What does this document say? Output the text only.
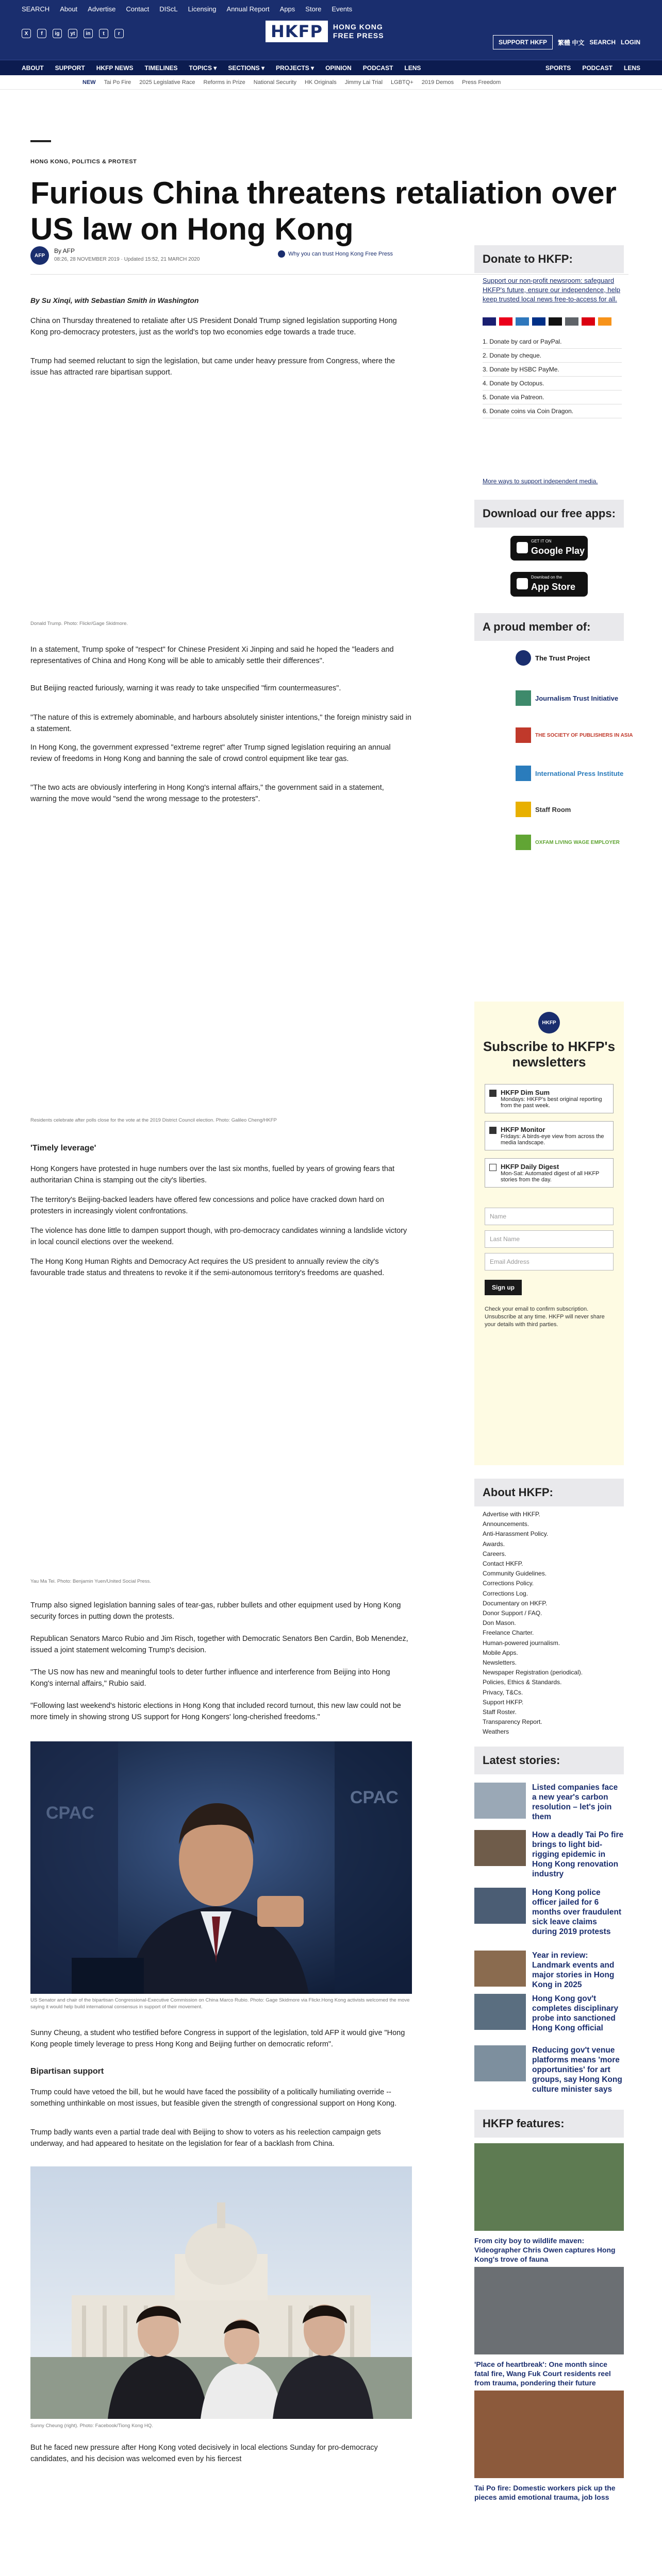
SEARCH About Advertise Contact DIScL Licensing Annual Report Apps Store Events
X	f	ig	yt	in	t	r	HKFP	HONG KONG
FREE PRESS
SUPPORT HKFP	繁體 中文 SEARCH LOGIN
ABOUT SUPPORT HKFP NEWS TIMELINES TOPICS ▾ SECTIONS ▾ PROJECTS ▾ OPINION PODCAST LENS	SPORTS PODCAST LENS
NEW Tai Po Fire 2025 Legislative Race Reforms in Prize National Security HK Originals Jimmy Lai Trial LGBTQ+ 2019 Demos Press Freedom
HONG KONG, POLITICS & PROTEST
Furious China threatens retaliation over US law on Hong Kong
AFP
By AFP
08:26, 28 NOVEMBER 2019 · Updated 15:52, 21 MARCH 2020
Why you can trust Hong Kong Free Press
By Su Xinqi, with Sebastian Smith in Washington

China on Thursday threatened to retaliate after US President Donald Trump signed legislation supporting Hong Kong pro-democracy protesters, just as the world's top two economies edge towards a trade truce.

Trump had seemed reluctant to sign the legislation, but came under heavy pressure from Congress, where the issue has attracted rare bipartisan support.

Donald Trump. Photo: Flickr/Gage Skidmore.

In a statement, Trump spoke of "respect" for Chinese President Xi Jinping and said he hoped the "leaders and representatives of China and Hong Kong will be able to amicably settle their differences".

But Beijing reacted furiously, warning it was ready to take unspecified "firm countermeasures".

"The nature of this is extremely abominable, and harbours absolutely sinister intentions," the foreign ministry said in a statement.

In Hong Kong, the government expressed "extreme regret" after Trump signed legislation requiring an annual review of freedoms in Hong Kong and banning the sale of crowd control equipment like tear gas.

"The two acts are obviously interfering in Hong Kong's internal affairs," the government said in a statement, warning the move would "send the wrong message to the protesters".

Residents celebrate after polls close for the vote at the 2019 District Council election. Photo: Galileo Cheng/HKFP
'Timely leverage'

Hong Kongers have protested in huge numbers over the last six months, fuelled by years of growing fears that authoritarian China is stamping out the city's liberties.

The territory's Beijing-backed leaders have offered few concessions and police have cracked down hard on protesters in increasingly violent confrontations.

The violence has done little to dampen support though, with pro-democracy candidates winning a landslide victory in local council elections over the weekend.

The Hong Kong Human Rights and Democracy Act requires the US president to annually review the city's favourable trade status and threatens to revoke it if the semi-autonomous territory's freedoms are quashed.

Yau Ma Tei. Photo: Benjamin Yuen/United Social Press.

Trump also signed legislation banning sales of tear-gas, rubber bullets and other equipment used by Hong Kong security forces in putting down the protests.

Republican Senators Marco Rubio and Jim Risch, together with Democratic Senators Ben Cardin, Bob Menendez, issued a joint statement welcoming Trump's decision.

"The US now has new and meaningful tools to deter further influence and interference from Beijing into Hong Kong's internal affairs," Rubio said.

"Following last weekend's historic elections in Hong Kong that included record turnout, this new law could not be more timely in showing strong US support for Hong Kongers' long-cherished freedoms."

CPAC
CPAC
US Senator and chair of the bipartisan Congressional-Executive Commission on China Marco Rubio. Photo: Gage Skidmore via Flickr.Hong Kong activists welcomed the move saying it would help build international consensus in support of their movement.

Sunny Cheung, a student who testified before Congress in support of the legislation, told AFP it would give "Hong Kong people timely leverage to press Hong Kong and Beijing further on democratic reform".

Bipartisan support

Trump could have vetoed the bill, but he would have faced the possibility of a politically humiliating override -- something unthinkable on most issues, but feasible given the strength of congressional support on Hong Kong.

Trump badly wants even a partial trade deal with Beijing to show to voters as his reelection campaign gets underway, and had appeared to hesitate on the legislation for fear of a backlash from China.

Sunny Cheung (right). Photo: Facebook/Tiong Kong HQ.

But he faced new pressure after Hong Kong voted decisively in local elections Sunday for pro-democracy candidates, and his decision was welcomed even by his fiercest

Donate to HKFP:
Support our non-profit newsroom: safeguard HKFP's future, ensure our independence, help keep trusted local news free-to-access for all.
1. Donate by card or PayPal.
2. Donate by cheque.
3. Donate by HSBC PayMe.
4. Donate by Octopus.
5. Donate via Patreon.
6. Donate coins via Coin Dragon.
More ways to support independent media.
Download our free apps:
GET IT ON
Google Play
Download on the
App Store
A proud member of:
The Trust Project
Journalism Trust Initiative
THE SOCIETY OF PUBLISHERS IN ASIA
International Press Institute
Staff Room
OXFAM LIVING WAGE EMPLOYER
HKFP
Subscribe to HKFP's newsletters
HKFP Dim Sum
Mondays: HKFP's best original reporting from the past week.
HKFP Monitor
Fridays: A birds-eye view from across the media landscape.
HKFP Daily Digest
Mon-Sat: Automated digest of all HKFP stories from the day.
Name
Last Name
Email Address
Sign up
Check your email to confirm subscription. Unsubscribe at any time. HKFP will never share your details with third parties.
About HKFP:
Advertise with HKFP.
Announcements.
Anti-Harassment Policy.
Awards.
Careers.
Contact HKFP.
Community Guidelines.
Corrections Policy.
Corrections Log.
Documentary on HKFP.
Donor Support / FAQ.
Don Mason.
Freelance Charter.
Human-powered journalism.
Mobile Apps.
Newsletters.
Newspaper Registration (periodical).
Policies, Ethics & Standards.
Privacy, T&Cs.
Support HKFP.
Staff Roster.
Transparency Report.
Weathers
Latest stories:
Listed companies face a new year's carbon resolution – let's join them
How a deadly Tai Po fire brings to light bid-rigging epidemic in Hong Kong renovation industry
Hong Kong police officer jailed for 6 months over fraudulent sick leave claims during 2019 protests
Year in review: Landmark events and major stories in Hong Kong in 2025
Hong Kong gov't completes disciplinary probe into sanctioned Hong Kong official
Reducing gov't venue platforms means 'more opportunities' for art groups, say Hong Kong culture minister says
HKFP features:
From city boy to wildlife maven: Videographer Chris Owen captures Hong Kong's trove of fauna
'Place of heartbreak': One month since fatal fire, Wang Fuk Court residents reel from trauma, pondering their future
Tai Po fire: Domestic workers pick up the pieces amid emotional trauma, job loss
